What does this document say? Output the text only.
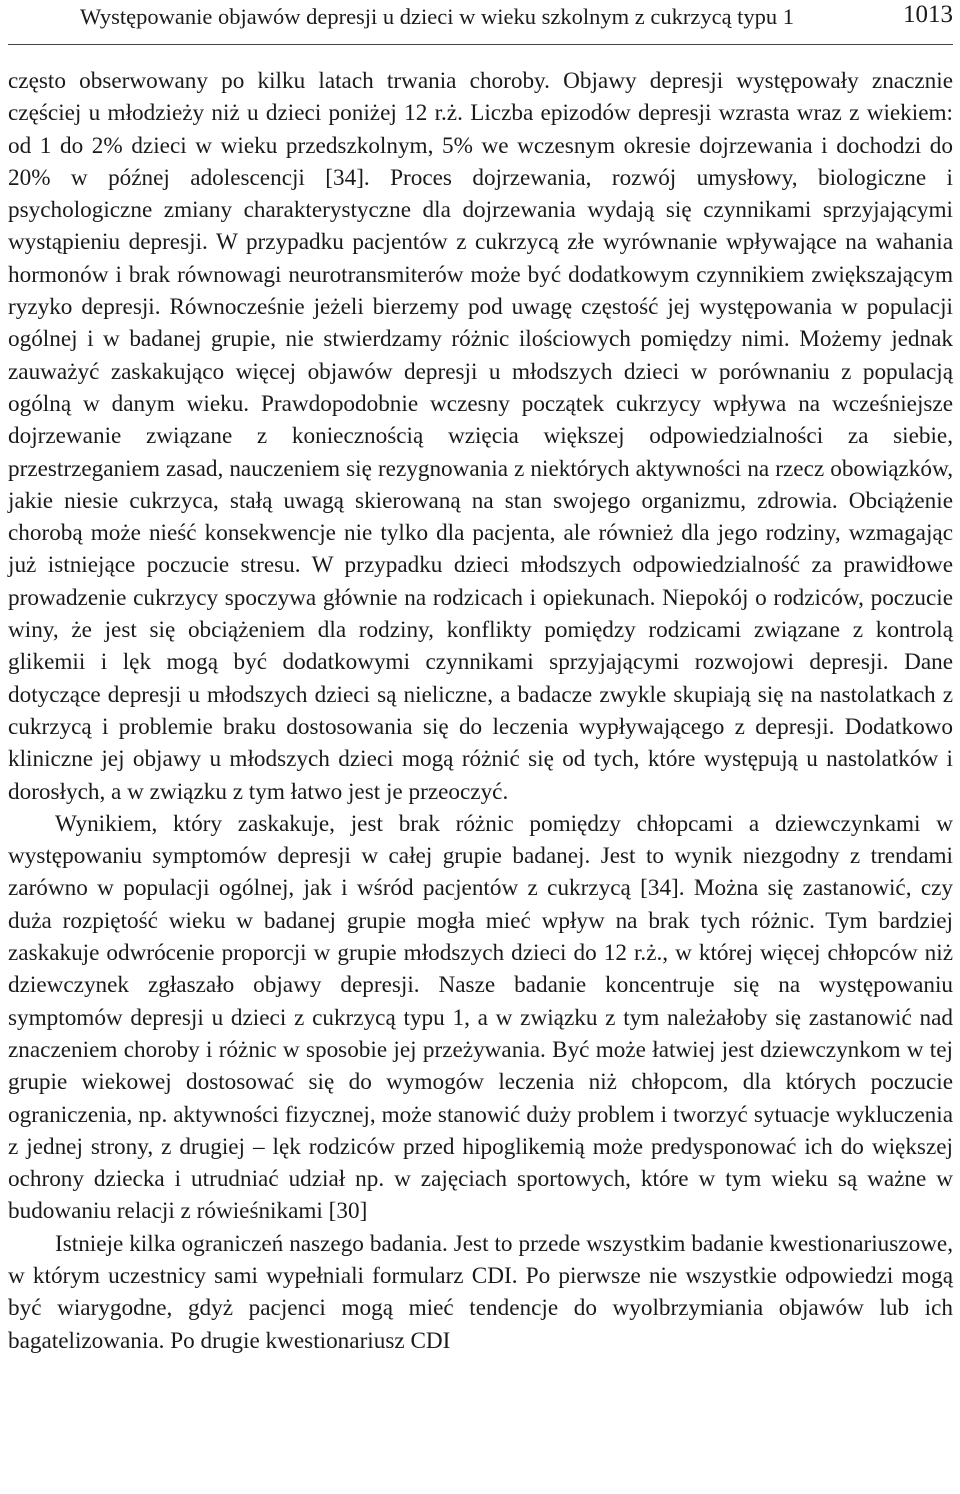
Występowanie objawów depresji u dzieci w wieku szkolnym z cukrzycą typu 1	1013

często obserwowany po kilku latach trwania choroby. Objawy depresji występowały znacznie częściej u młodzieży niż u dzieci poniżej 12 r.ż. Liczba epizodów depresji wzrasta wraz z wiekiem: od 1 do 2% dzieci w wieku przedszkolnym, 5% we wczesnym okresie dojrzewania i dochodzi do 20% w późnej adolescencji [34]. Proces dojrzewania, rozwój umysłowy, biologiczne i psychologiczne zmiany charakterystyczne dla dojrzewania wydają się czynnikami sprzyjającymi wystąpieniu depresji. W przypadku pacjentów z cukrzycą złe wyrównanie wpływające na wahania hormonów i brak równowagi neurotransmiterów może być dodatkowym czynnikiem zwiększającym ryzyko depresji. Równocześnie jeżeli bierzemy pod uwagę częstość jej występowania w populacji ogólnej i w badanej grupie, nie stwierdzamy różnic ilościowych pomiędzy nimi. Możemy jednak zauważyć zaskakująco więcej objawów depresji u młodszych dzieci w porównaniu z populacją ogólną w danym wieku. Prawdopodobnie wczesny początek cukrzycy wpływa na wcześniejsze dojrzewanie związane z koniecznością wzięcia większej odpowiedzialności za siebie, przestrzeganiem zasad, nauczeniem się rezygnowania z niektórych aktywności na rzecz obowiązków, jakie niesie cukrzyca, stałą uwagą skierowaną na stan swojego organizmu, zdrowia. Obciążenie chorobą może nieść konsekwencje nie tylko dla pacjenta, ale również dla jego rodziny, wzmagając już istniejące poczucie stresu. W przypadku dzieci młodszych odpowiedzialność za prawidłowe prowadzenie cukrzycy spoczywa głównie na rodzicach i opiekunach. Niepokój o rodziców, poczucie winy, że jest się obciążeniem dla rodziny, konflikty pomiędzy rodzicami związane z kontrolą glikemii i lęk mogą być dodatkowymi czynnikami sprzyjającymi rozwojowi depresji. Dane dotyczące depresji u młodszych dzieci są nieliczne, a badacze zwykle skupiają się na nastolatkach z cukrzycą i problemie braku dostosowania się do leczenia wypływającego z depresji. Dodatkowo kliniczne jej objawy u młodszych dzieci mogą różnić się od tych, które występują u nastolatków i dorosłych, a w związku z tym łatwo jest je przeoczyć.

Wynikiem, który zaskakuje, jest brak różnic pomiędzy chłopcami a dziewczynkami w występowaniu symptomów depresji w całej grupie badanej. Jest to wynik niezgodny z trendami zarówno w populacji ogólnej, jak i wśród pacjentów z cukrzycą [34]. Można się zastanowić, czy duża rozpiętość wieku w badanej grupie mogła mieć wpływ na brak tych różnic. Tym bardziej zaskakuje odwrócenie proporcji w grupie młodszych dzieci do 12 r.ż., w której więcej chłopców niż dziewczynek zgłaszało objawy depresji. Nasze badanie koncentruje się na występowaniu symptomów depresji u dzieci z cukrzycą typu 1, a w związku z tym należałoby się zastanowić nad znaczeniem choroby i różnic w sposobie jej przeżywania. Być może łatwiej jest dziewczynkom w tej grupie wiekowej dostosować się do wymogów leczenia niż chłopcom, dla których poczucie ograniczenia, np. aktywności fizycznej, może stanowić duży problem i tworzyć sytuacje wykluczenia z jednej strony, z drugiej – lęk rodziców przed hipoglikemią może predysponować ich do większej ochrony dziecka i utrudniać udział np. w zajęciach sportowych, które w tym wieku są ważne w budowaniu relacji z rówieśnikami [30]

Istnieje kilka ograniczeń naszego badania. Jest to przede wszystkim badanie kwestionariuszowe, w którym uczestnicy sami wypełniali formularz CDI. Po pierwsze nie wszystkie odpowiedzi mogą być wiarygodne, gdyż pacjenci mogą mieć tendencje do wyolbrzymiania objawów lub ich bagatelizowania. Po drugie kwestionariusz CDI
